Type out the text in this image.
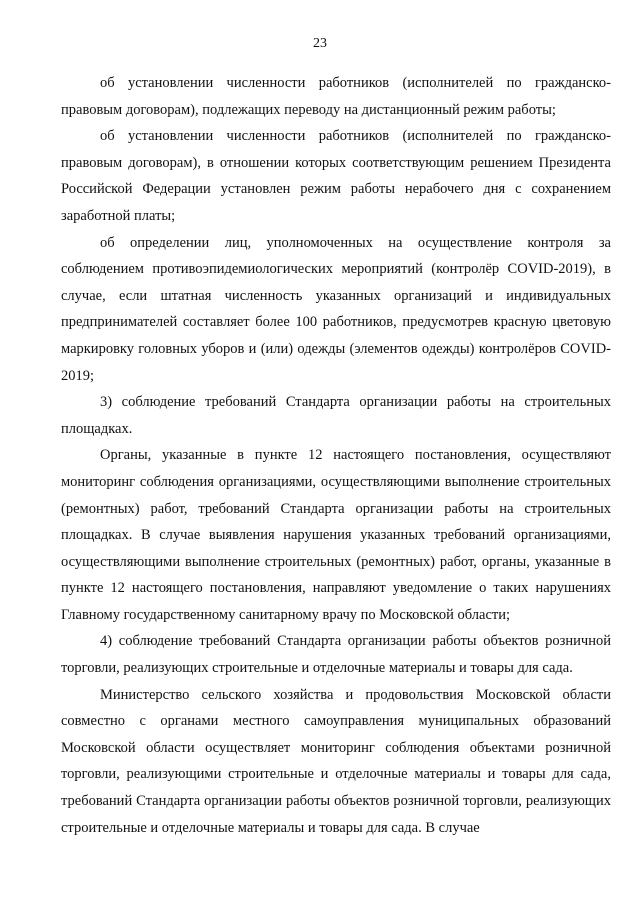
23

об установлении численности работников (исполнителей по гражданско-правовым договорам), подлежащих переводу на дистанционный режим работы;

об установлении численности работников (исполнителей по гражданско-правовым договорам), в отношении которых соответствующим решением Президента Российской Федерации установлен режим работы нерабочего дня с сохранением заработной платы;

об определении лиц, уполномоченных на осуществление контроля за соблюдением противоэпидемиологических мероприятий (контролёр COVID-2019), в случае, если штатная численность указанных организаций и индивидуальных предпринимателей составляет более 100 работников, предусмотрев красную цветовую маркировку головных уборов и (или) одежды (элементов одежды) контролёров COVID-2019;

3) соблюдение требований Стандарта организации работы на строительных площадках.

Органы, указанные в пункте 12 настоящего постановления, осуществляют мониторинг соблюдения организациями, осуществляющими выполнение строительных (ремонтных) работ, требований Стандарта организации работы на строительных площадках. В случае выявления нарушения указанных требований организациями, осуществляющими выполнение строительных (ремонтных) работ, органы, указанные в пункте 12 настоящего постановления, направляют уведомление о таких нарушениях Главному государственному санитарному врачу по Московской области;

4) соблюдение требований Стандарта организации работы объектов розничной торговли, реализующих строительные и отделочные материалы и товары для сада.

Министерство сельского хозяйства и продовольствия Московской области совместно с органами местного самоуправления муниципальных образований Московской области осуществляет мониторинг соблюдения объектами розничной торговли, реализующими строительные и отделочные материалы и товары для сада, требований Стандарта организации работы объектов розничной торговли, реализующих строительные и отделочные материалы и товары для сада. В случае
